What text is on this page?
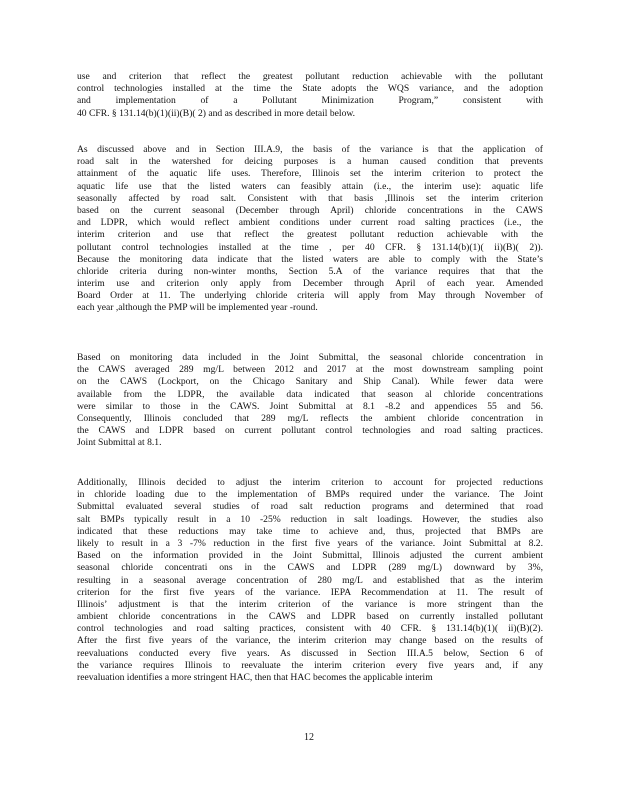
use and criterion that reflect the greatest pollutant reduction achievable with the pollutant
control technologies installed at the time the State adopts the WQS variance, and the adoption
and implementation of a Pollutant Minimization Program,” consistent with
40 CFR. § 131.14(b)(1)(ii)(B)( 2) and as described in more detail below.
As discussed above and in Section III.A.9, the basis of the variance is that the application of
road salt in the watershed for deicing purposes is a human caused condition that prevents
attainment of the aquatic life uses. Therefore, Illinois set the interim criterion to protect the
aquatic life use that the listed waters can feasibly attain (i.e., the interim use): aquatic life
seasonally affected by road salt. Consistent with that basis ,Illinois set the interim criterion
based on the current seasonal (December through April) chloride concentrations in the CAWS
and LDPR, which would reflect ambient conditions under current road salting practices (i.e., the
interim criterion and use that reflect the greatest pollutant reduction achievable with the
pollutant control technologies installed at the time , per 40 CFR. § 131.14(b)(1)( ii)(B)( 2)).
Because the monitoring data indicate that the listed waters are able to comply with the State’s
chloride criteria during non-winter months, Section 5.A of the variance requires that that the
interim use and criterion only apply from December through April of each year. Amended
Board Order at 11. The underlying chloride criteria will apply from May through November of
each year ,although the PMP will be implemented year -round.
Based on monitoring data included in the Joint Submittal, the seasonal chloride concentration in
the CAWS averaged 289 mg/L between 2012 and 2017 at the most downstream sampling point
on the CAWS (Lockport, on the Chicago Sanitary and Ship Canal). While fewer data were
available from the LDPR, the available data indicated that season al chloride concentrations
were similar to those in the CAWS. Joint Submittal at 8.1 -8.2 and appendices 55 and 56.
Consequently, Illinois concluded that 289 mg/L reflects the ambient chloride concentration in
the CAWS and LDPR based on current pollutant control technologies and road salting practices.
Joint Submittal at 8.1.
Additionally, Illinois decided to adjust the interim criterion to account for projected reductions
in chloride loading due to the implementation of BMPs required under the variance. The Joint
Submittal evaluated several studies of road salt reduction programs and determined that road
salt BMPs typically result in a 10 -25% reduction in salt loadings. However, the studies also
indicated that these reductions may take time to achieve and, thus, projected that BMPs are
likely to result in a 3 -7% reduction in the first five years of the variance. Joint Submittal at 8.2.
Based on the information provided in the Joint Submittal, Illinois adjusted the current ambient
seasonal chloride concentrati ons in the CAWS and LDPR (289 mg/L) downward by 3%,
resulting in a seasonal average concentration of 280 mg/L and established that as the interim
criterion for the first five years of the variance. IEPA Recommendation at 11. The result of
Illinois’ adjustment is that the interim criterion of the variance is more stringent than the
ambient chloride concentrations in the CAWS and LDPR based on currently installed pollutant
control technologies and road salting practices, consistent with 40 CFR. § 131.14(b)(1)( ii)(B)(2).
After the first five years of the variance, the interim criterion may change based on the results of
reevaluations conducted every five years. As discussed in Section III.A.5 below, Section 6 of
the variance requires Illinois to reevaluate the interim criterion every five years and, if any
reevaluation identifies a more stringent HAC, then that HAC becomes the applicable interim
12
